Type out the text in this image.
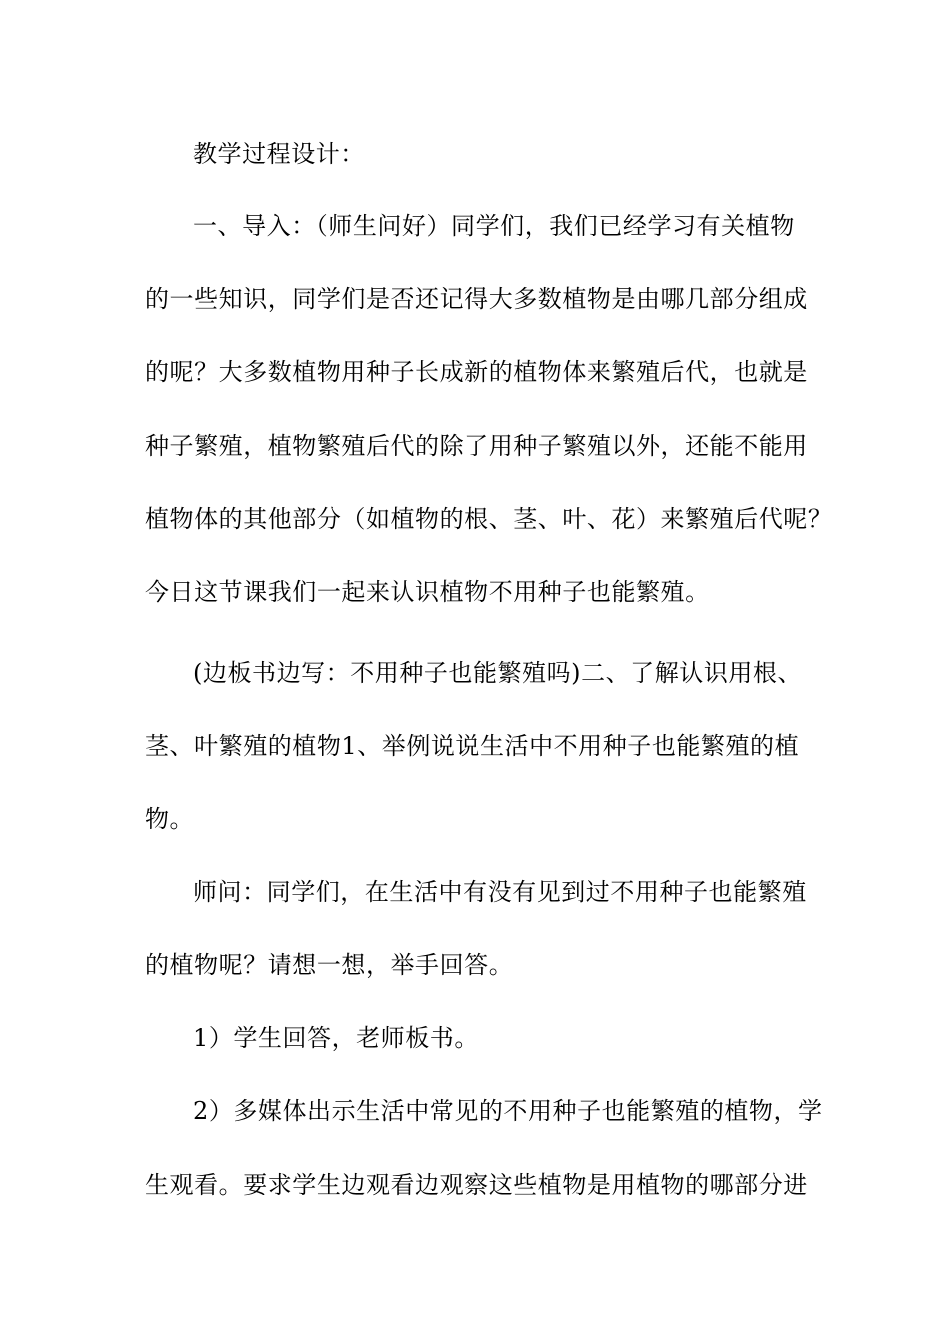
教学过程设计：
一、导入：（师生问好）同学们，我们已经学习有关植物
的一些知识，同学们是否还记得大多数植物是由哪几部分组成
的呢？大多数植物用种子长成新的植物体来繁殖后代，也就是
种子繁殖，植物繁殖后代的除了用种子繁殖以外，还能不能用
植物体的其他部分（如植物的根、茎、叶、花）来繁殖后代呢？
今日这节课我们一起来认识植物不用种子也能繁殖。
(边板书边写：不用种子也能繁殖吗)二、了解认识用根、
茎、叶繁殖的植物1、举例说说生活中不用种子也能繁殖的植
物。
师问：同学们，在生活中有没有见到过不用种子也能繁殖
的植物呢？请想一想，举手回答。
1）学生回答，老师板书。
2）多媒体出示生活中常见的不用种子也能繁殖的植物，学
生观看。要求学生边观看边观察这些植物是用植物的哪部分进
